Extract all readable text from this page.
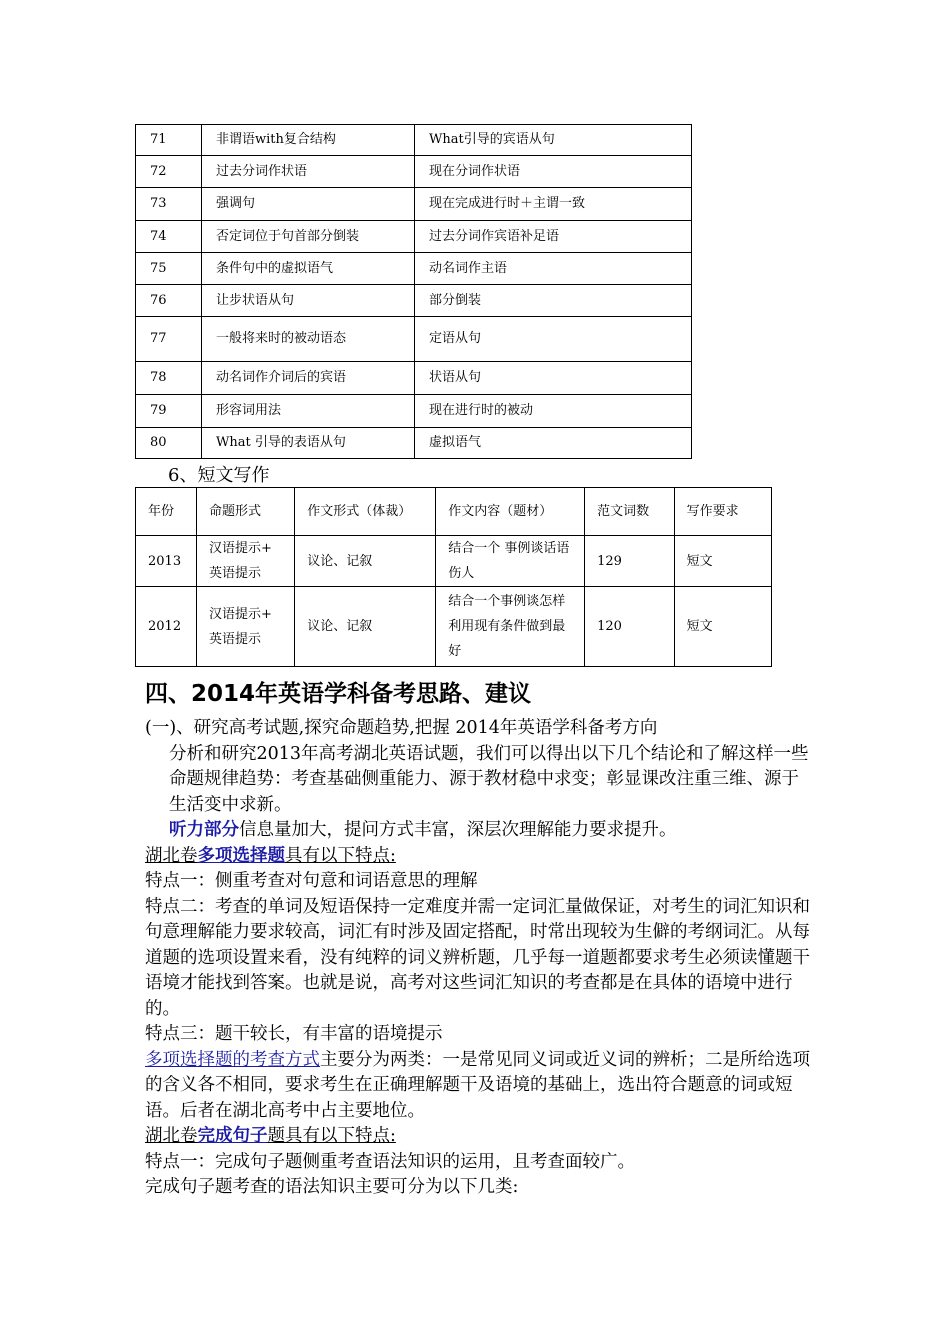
71	非谓语with复合结构	What引导的宾语从句
72	过去分词作状语	现在分词作状语
73	强调句	现在完成进行时＋主谓一致
74	否定词位于句首部分倒装	过去分词作宾语补足语
75	条件句中的虚拟语气	动名词作主语
76	让步状语从句	部分倒装
77	一般将来时的被动语态	定语从句
78	动名词作介词后的宾语	状语从句
79	形容词用法	现在进行时的被动
80	What 引导的表语从句	虚拟语气
6、短文写作
年份	命题形式	作文形式（体裁）	作文内容（题材）	范文词数	写作要求
2013	汉语提示+
英语提示	议论、记叙	结合一个 事例谈话语伤人	129	短文
2012	汉语提示+
英语提示	议论、记叙	结合一个事例谈怎样利用现有条件做到最好	120	短文
四、2014年英语学科备考思路、建议

(一)、研究高考试题,探究命题趋势,把握 2014年英语学科备考方向

分析和研究2013年高考湖北英语试题，我们可以得出以下几个结论和了解这样一些命题规律趋势：考查基础侧重能力、源于教材稳中求变；彰显课改注重三维、源于生活变中求新。

听力部分信息量加大，提问方式丰富，深层次理解能力要求提升。

湖北卷多项选择题具有以下特点:

特点一：侧重考查对句意和词语意思的理解

特点二：考查的单词及短语保持一定难度并需一定词汇量做保证，对考生的词汇知识和句意理解能力要求较高，词汇有时涉及固定搭配，时常出现较为生僻的考纲词汇。从每道题的选项设置来看，没有纯粹的词义辨析题，几乎每一道题都要求考生必须读懂题干语境才能找到答案。也就是说，高考对这些词汇知识的考查都是在具体的语境中进行的。

特点三：题干较长，有丰富的语境提示

多项选择题的考查方式主要分为两类：一是常见同义词或近义词的辨析；二是所给选项的含义各不相同，要求考生在正确理解题干及语境的基础上，选出符合题意的词或短语。后者在湖北高考中占主要地位。

湖北卷完成句子题具有以下特点:

特点一：完成句子题侧重考查语法知识的运用，且考查面较广。

完成句子题考查的语法知识主要可分为以下几类:
